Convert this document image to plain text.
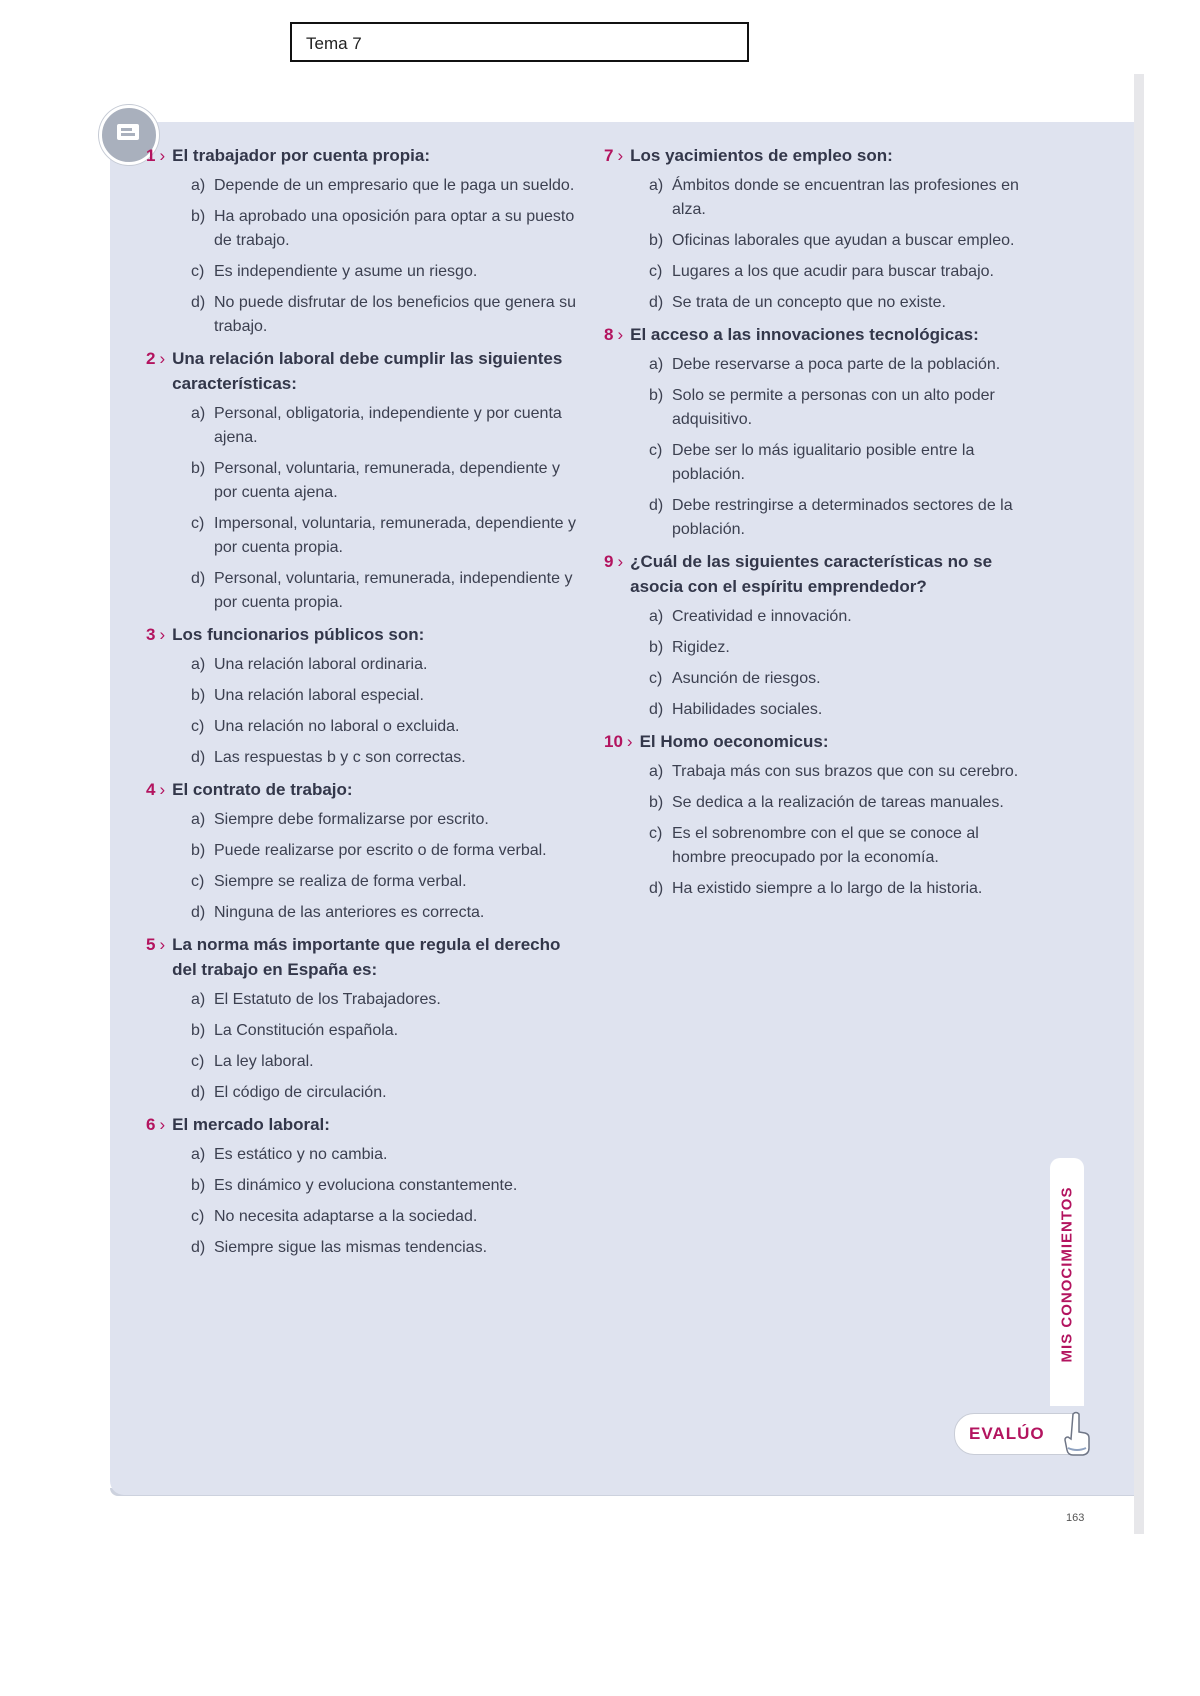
Tema 7
1 › El trabajador por cuenta propia:
a) Depende de un empresario que le paga un sueldo.
b) Ha aprobado una oposición para optar a su puesto de trabajo.
c) Es independiente y asume un riesgo.
d) No puede disfrutar de los beneficios que genera su trabajo.
2 › Una relación laboral debe cumplir las siguientes características:
a) Personal, obligatoria, independiente y por cuenta ajena.
b) Personal, voluntaria, remunerada, dependiente y por cuenta ajena.
c) Impersonal, voluntaria, remunerada, dependiente y por cuenta propia.
d) Personal, voluntaria, remunerada, independiente y por cuenta propia.
3 › Los funcionarios públicos son:
a) Una relación laboral ordinaria.
b) Una relación laboral especial.
c) Una relación no laboral o excluida.
d) Las respuestas b y c son correctas.
4 › El contrato de trabajo:
a) Siempre debe formalizarse por escrito.
b) Puede realizarse por escrito o de forma verbal.
c) Siempre se realiza de forma verbal.
d) Ninguna de las anteriores es correcta.
5 › La norma más importante que regula el derecho del trabajo en España es:
a) El Estatuto de los Trabajadores.
b) La Constitución española.
c) La ley laboral.
d) El código de circulación.
6 › El mercado laboral:
a) Es estático y no cambia.
b) Es dinámico y evoluciona constantemente.
c) No necesita adaptarse a la sociedad.
d) Siempre sigue las mismas tendencias.
7 › Los yacimientos de empleo son:
a) Ámbitos donde se encuentran las profesiones en alza.
b) Oficinas laborales que ayudan a buscar empleo.
c) Lugares a los que acudir para buscar trabajo.
d) Se trata de un concepto que no existe.
8 › El acceso a las innovaciones tecnológicas:
a) Debe reservarse a poca parte de la población.
b) Solo se permite a personas con un alto poder adquisitivo.
c) Debe ser lo más igualitario posible entre la población.
d) Debe restringirse a determinados sectores de la población.
9 › ¿Cuál de las siguientes características no se asocia con el espíritu emprendedor?
a) Creatividad e innovación.
b) Rigidez.
c) Asunción de riesgos.
d) Habilidades sociales.
10 › El Homo oeconomicus:
a) Trabaja más con sus brazos que con su cerebro.
b) Se dedica a la realización de tareas manuales.
c) Es el sobrenombre con el que se conoce al hombre preocupado por la economía.
d) Ha existido siempre a lo largo de la historia.
MIS CONOCIMIENTOS
EVALÚO
163
